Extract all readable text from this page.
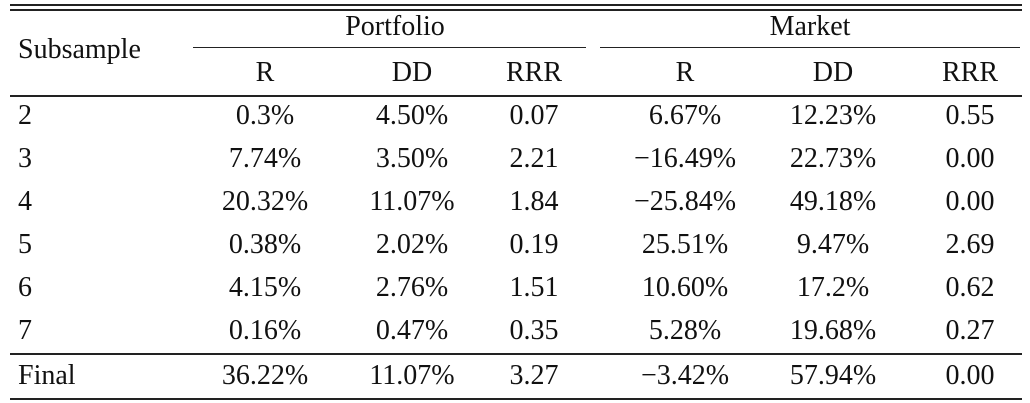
Subsample
Portfolio	Market
R	DD	RRR	R	DD	RRR
2	0.3%	4.50%	0.07	6.67%	12.23%	0.55
3	7.74%	3.50%	2.21	−16.49%	22.73%	0.00
4	20.32%	11.07%	1.84	−25.84%	49.18%	0.00
5	0.38%	2.02%	0.19	25.51%	9.47%	2.69
6	4.15%	2.76%	1.51	10.60%	17.2%	0.62
7	0.16%	0.47%	0.35	5.28%	19.68%	0.27
Final	36.22%	11.07%	3.27	−3.42%	57.94%	0.00
